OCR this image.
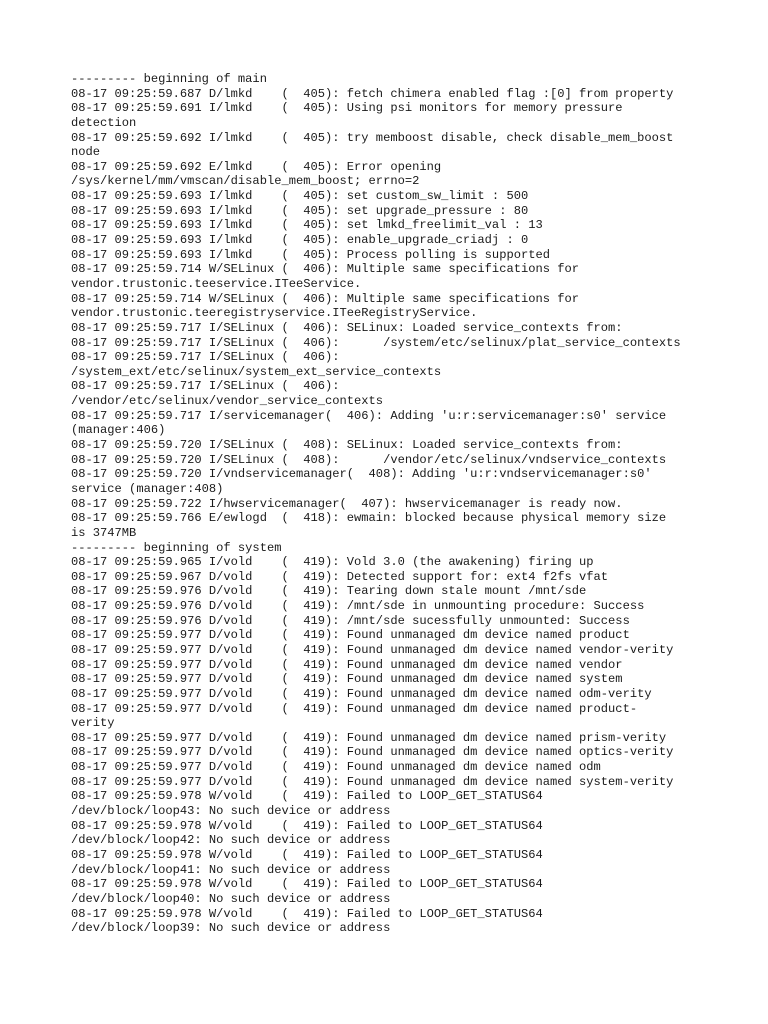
--------- beginning of main
08-17 09:25:59.687 D/lmkd    (  405): fetch chimera enabled flag :[0] from property
08-17 09:25:59.691 I/lmkd    (  405): Using psi monitors for memory pressure
detection
08-17 09:25:59.692 I/lmkd    (  405): try memboost disable, check disable_mem_boost
node
08-17 09:25:59.692 E/lmkd    (  405): Error opening
/sys/kernel/mm/vmscan/disable_mem_boost; errno=2
08-17 09:25:59.693 I/lmkd    (  405): set custom_sw_limit : 500
08-17 09:25:59.693 I/lmkd    (  405): set upgrade_pressure : 80
08-17 09:25:59.693 I/lmkd    (  405): set lmkd_freelimit_val : 13
08-17 09:25:59.693 I/lmkd    (  405): enable_upgrade_criadj : 0
08-17 09:25:59.693 I/lmkd    (  405): Process polling is supported
08-17 09:25:59.714 W/SELinux (  406): Multiple same specifications for
vendor.trustonic.teeservice.ITeeService.
08-17 09:25:59.714 W/SELinux (  406): Multiple same specifications for
vendor.trustonic.teeregistryservice.ITeeRegistryService.
08-17 09:25:59.717 I/SELinux (  406): SELinux: Loaded service_contexts from:
08-17 09:25:59.717 I/SELinux (  406):      /system/etc/selinux/plat_service_contexts
08-17 09:25:59.717 I/SELinux (  406):
/system_ext/etc/selinux/system_ext_service_contexts
08-17 09:25:59.717 I/SELinux (  406):
/vendor/etc/selinux/vendor_service_contexts
08-17 09:25:59.717 I/servicemanager(  406): Adding 'u:r:servicemanager:s0' service
(manager:406)
08-17 09:25:59.720 I/SELinux (  408): SELinux: Loaded service_contexts from:
08-17 09:25:59.720 I/SELinux (  408):      /vendor/etc/selinux/vndservice_contexts
08-17 09:25:59.720 I/vndservicemanager(  408): Adding 'u:r:vndservicemanager:s0'
service (manager:408)
08-17 09:25:59.722 I/hwservicemanager(  407): hwservicemanager is ready now.
08-17 09:25:59.766 E/ewlogd  (  418): ewmain: blocked because physical memory size
is 3747MB
--------- beginning of system
08-17 09:25:59.965 I/vold    (  419): Vold 3.0 (the awakening) firing up
08-17 09:25:59.967 D/vold    (  419): Detected support for: ext4 f2fs vfat
08-17 09:25:59.976 D/vold    (  419): Tearing down stale mount /mnt/sde
08-17 09:25:59.976 D/vold    (  419): /mnt/sde in unmounting procedure: Success
08-17 09:25:59.976 D/vold    (  419): /mnt/sde sucessfully unmounted: Success
08-17 09:25:59.977 D/vold    (  419): Found unmanaged dm device named product
08-17 09:25:59.977 D/vold    (  419): Found unmanaged dm device named vendor-verity
08-17 09:25:59.977 D/vold    (  419): Found unmanaged dm device named vendor
08-17 09:25:59.977 D/vold    (  419): Found unmanaged dm device named system
08-17 09:25:59.977 D/vold    (  419): Found unmanaged dm device named odm-verity
08-17 09:25:59.977 D/vold    (  419): Found unmanaged dm device named product-
verity
08-17 09:25:59.977 D/vold    (  419): Found unmanaged dm device named prism-verity
08-17 09:25:59.977 D/vold    (  419): Found unmanaged dm device named optics-verity
08-17 09:25:59.977 D/vold    (  419): Found unmanaged dm device named odm
08-17 09:25:59.977 D/vold    (  419): Found unmanaged dm device named system-verity
08-17 09:25:59.978 W/vold    (  419): Failed to LOOP_GET_STATUS64
/dev/block/loop43: No such device or address
08-17 09:25:59.978 W/vold    (  419): Failed to LOOP_GET_STATUS64
/dev/block/loop42: No such device or address
08-17 09:25:59.978 W/vold    (  419): Failed to LOOP_GET_STATUS64
/dev/block/loop41: No such device or address
08-17 09:25:59.978 W/vold    (  419): Failed to LOOP_GET_STATUS64
/dev/block/loop40: No such device or address
08-17 09:25:59.978 W/vold    (  419): Failed to LOOP_GET_STATUS64
/dev/block/loop39: No such device or address
